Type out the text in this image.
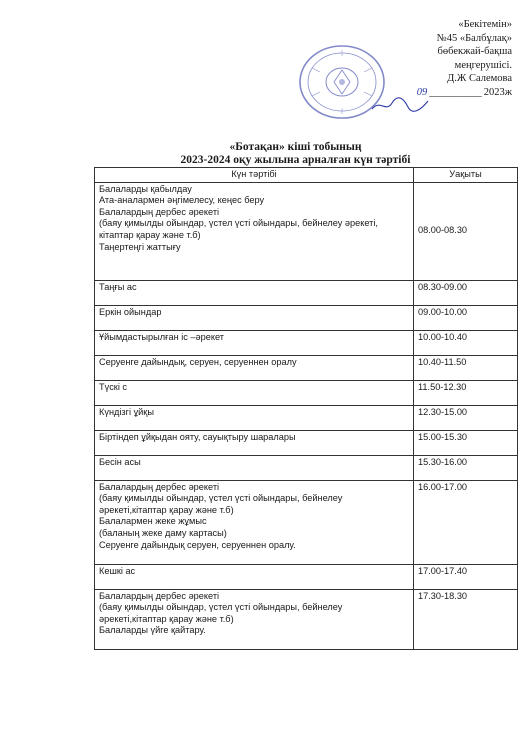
«Бекітемін»
№45 «Балбұлақ»
бөбекжай-бақша
меңгерушісі.
Д.Ж Салемова
09 __________ 2023ж
«Ботақан» кіші тобының
2023-2024 оқу жылына арналған күн тәртібі
Күн тәртібі	Уақыты

Балаларды қабылдау
Ата-аналармен әңгімелесу, кеңес беру
Балалардың дербес әрекеті
(баяу қимылды ойындар, үстел үсті ойындары, бейнелеу әрекеті, кітаптар қарау және т.б)
Таңертеңгі жаттығу	08.00-08.30
Таңғы ас	08.30-09.00
Еркін ойындар	09.00-10.00
Ұйымдастырылған іс –әрекет	10.00-10.40
Серуенге дайындық, серуен, серуеннен оралу	10.40-11.50
Түскі с	11.50-12.30
Күндізгі ұйқы	12.30-15.00
Біртіндеп ұйқыдан ояту, сауықтыру шаралары	15.00-15.30
Бесін асы	15.30-16.00

Балалардың дербес әрекеті
(баяу қимылды ойындар, үстел үсті ойындары, бейнелеу әрекеті,кітаптар қарау және т.б)
Балалармен жеке жұмыс
(баланың жеке даму картасы)
Серуенге дайындық серуен, серуеннен оралу.	16.00-17.00
Кешкі ас	17.00-17.40

Балалардың дербес әрекеті
(баяу қимылды ойындар, үстел үсті ойындары, бейнелеу әрекеті,кітаптар қарау және т.б)
Балаларды үйге қайтару.	17.30-18.30
